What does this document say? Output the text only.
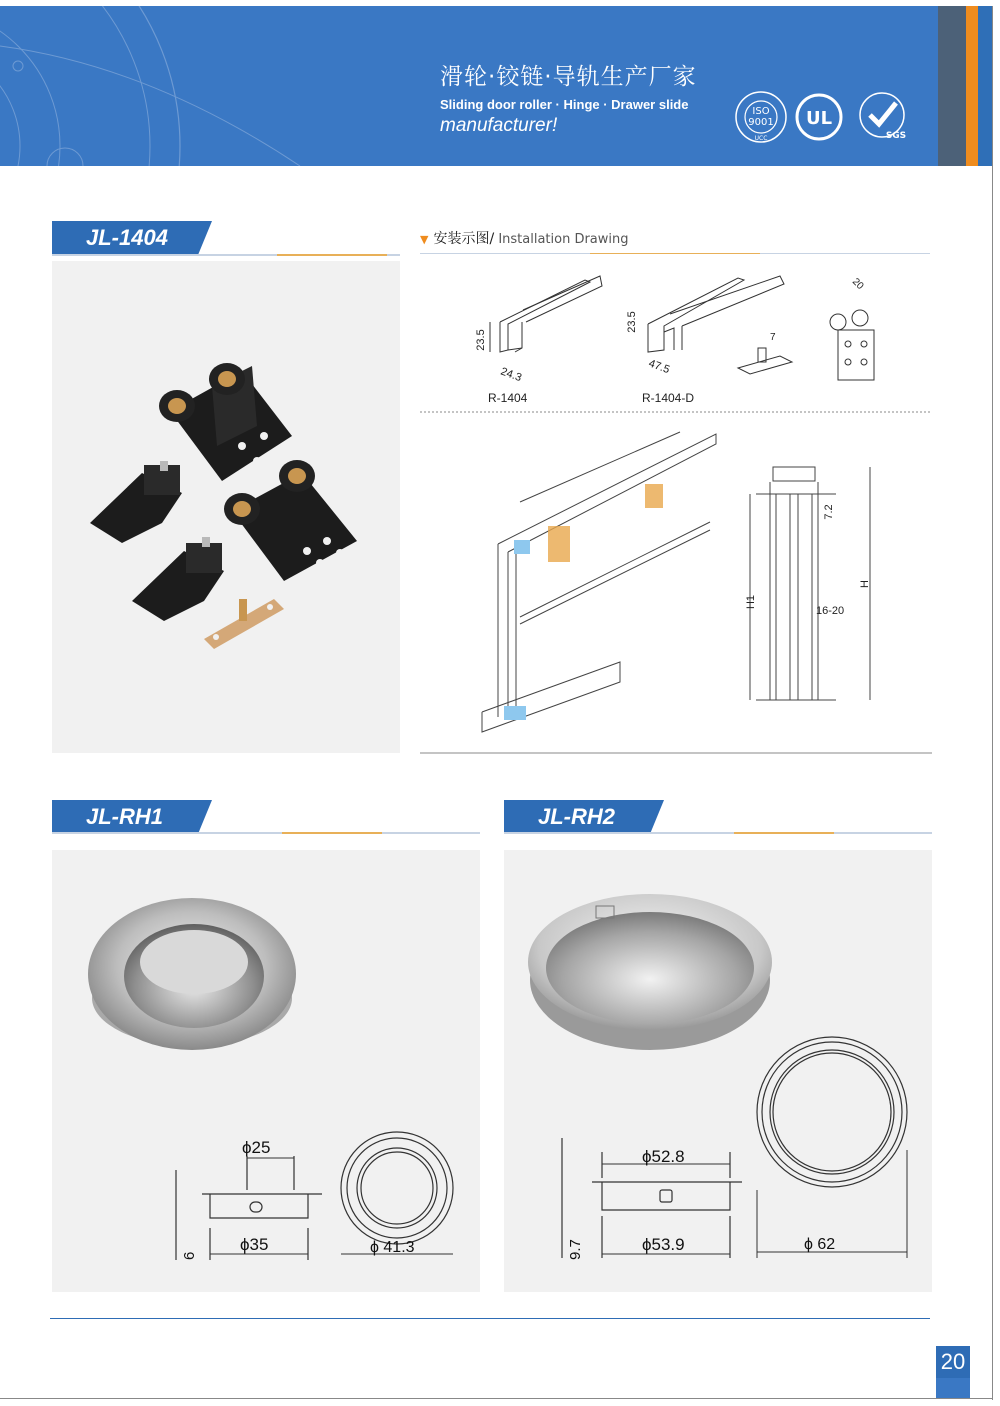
滑轮·铰链·导轨生产厂家
Sliding door roller · Hinge · Drawer slide
manufacturer!
ISO
9001
UCC
UL
SGS
JL-1404	▼ 安装示图/ Installation Drawing
23.5
24.3
R-1404
23.5
47.5
R-1404-D
7
20
H1
H
7.2
16-20
JL-RH1
ϕ25
ϕ35
6	ϕ 41.3
JL-RH2
ϕ52.8
ϕ53.9
9.7	ϕ 62
20
